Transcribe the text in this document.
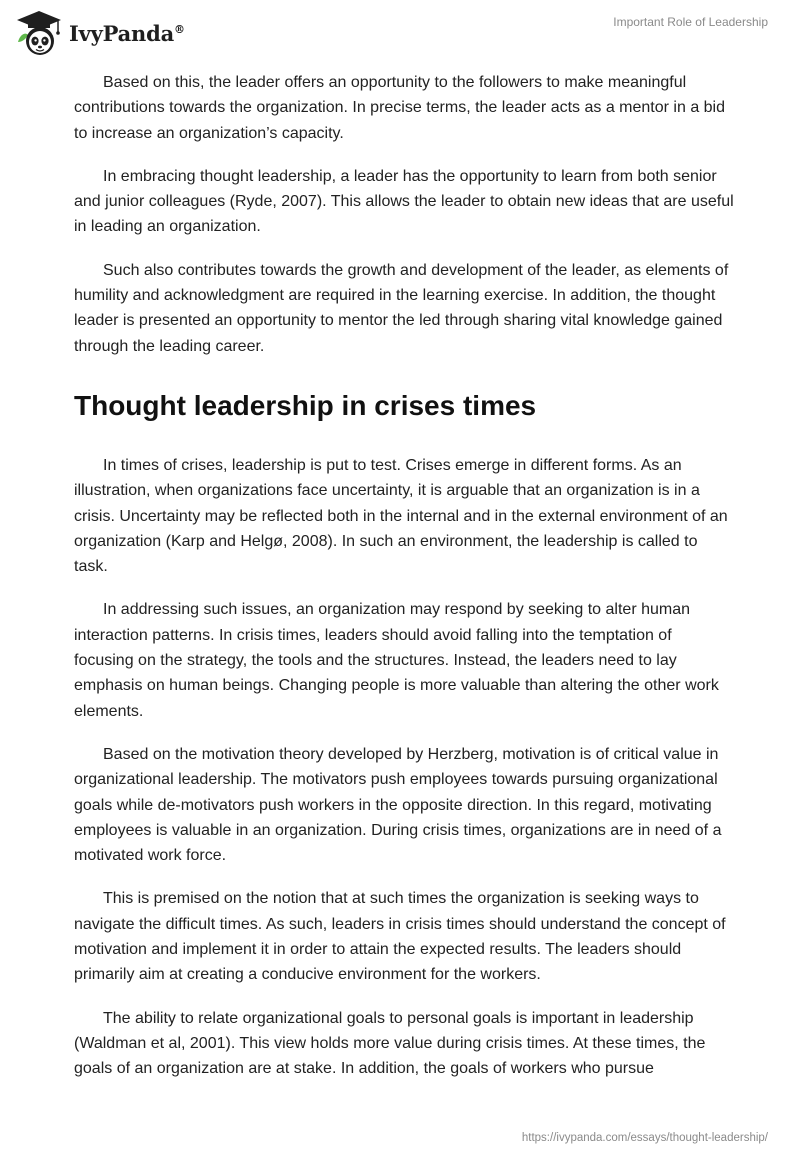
IvyPanda®	Important Role of Leadership

Based on this, the leader offers an opportunity to the followers to make meaningful contributions towards the organization. In precise terms, the leader acts as a mentor in a bid to increase an organization’s capacity.

In embracing thought leadership, a leader has the opportunity to learn from both senior and junior colleagues (Ryde, 2007). This allows the leader to obtain new ideas that are useful in leading an organization.

Such also contributes towards the growth and development of the leader, as elements of humility and acknowledgment are required in the learning exercise. In addition, the thought leader is presented an opportunity to mentor the led through sharing vital knowledge gained through the leading career.

Thought leadership in crises times

In times of crises, leadership is put to test. Crises emerge in different forms. As an illustration, when organizations face uncertainty, it is arguable that an organization is in a crisis. Uncertainty may be reflected both in the internal and in the external environment of an organization (Karp and Helgø, 2008). In such an environment, the leadership is called to task.

In addressing such issues, an organization may respond by seeking to alter human interaction patterns. In crisis times, leaders should avoid falling into the temptation of focusing on the strategy, the tools and the structures. Instead, the leaders need to lay emphasis on human beings. Changing people is more valuable than altering the other work elements.

Based on the motivation theory developed by Herzberg, motivation is of critical value in organizational leadership. The motivators push employees towards pursuing organizational goals while de-motivators push workers in the opposite direction. In this regard, motivating employees is valuable in an organization. During crisis times, organizations are in need of a motivated work force.

This is premised on the notion that at such times the organization is seeking ways to navigate the difficult times. As such, leaders in crisis times should understand the concept of motivation and implement it in order to attain the expected results. The leaders should primarily aim at creating a conducive environment for the workers.

The ability to relate organizational goals to personal goals is important in leadership (Waldman et al, 2001). This view holds more value during crisis times. At these times, the goals of an organization are at stake. In addition, the goals of workers who pursue

https://ivypanda.com/essays/thought-leadership/
